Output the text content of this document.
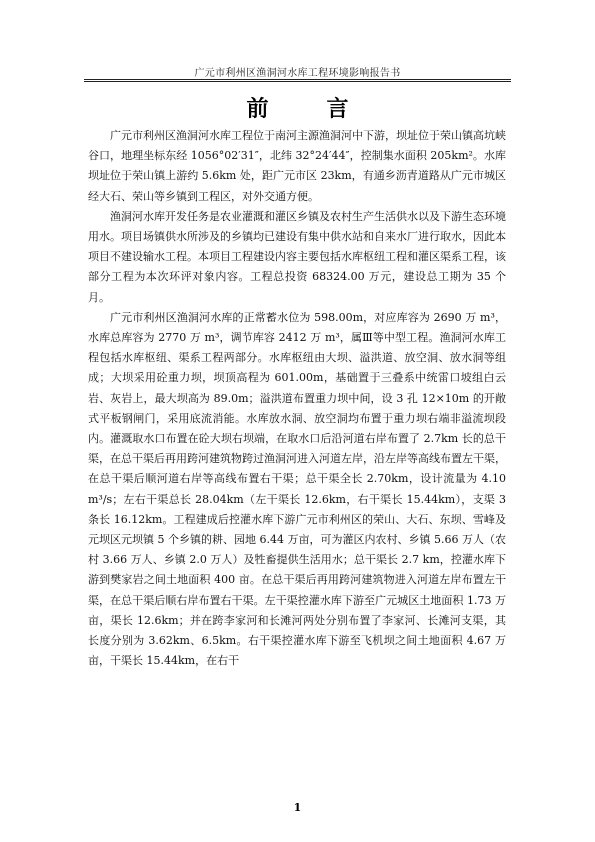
广元市利州区渔洞河水库工程环境影响报告书
前　言

广元市利州区渔洞河水库工程位于南河主源渔洞河中下游，坝址位于荣山镇高坑峡谷口，地理坐标东经 1056°02′31″，北纬 32°24′44″，控制集水面积 205km²。水库坝址位于荣山镇上游约 5.6km 处，距广元市区 23km，有通乡沥青道路从广元市城区经大石、荣山等乡镇到工程区，对外交通方便。

渔洞河水库开发任务是农业灌溉和灌区乡镇及农村生产生活供水以及下游生态环境用水。项目场镇供水所涉及的乡镇均已建设有集中供水站和自来水厂进行取水，因此本项目不建设输水工程。本项目工程建设内容主要包括水库枢纽工程和灌区渠系工程，该部分工程为本次环评对象内容。工程总投资 68324.00 万元，建设总工期为 35 个月。

广元市利州区渔洞河水库的正常蓄水位为 598.00m，对应库容为 2690 万 m³，水库总库容为 2770 万 m³，调节库容 2412 万 m³，属Ⅲ等中型工程。渔洞河水库工程包括水库枢纽、渠系工程两部分。水库枢纽由大坝、溢洪道、放空洞、放水洞等组成；大坝采用砼重力坝，坝顶高程为 601.00m，基础置于三叠系中统雷口坡组白云岩、灰岩上，最大坝高为 89.0m；溢洪道布置重力坝中间，设 3 孔 12×10m 的开敞式平板钢闸门，采用底流消能。水库放水洞、放空洞均布置于重力坝右端非溢流坝段内。灌溉取水口布置在砼大坝右坝端，在取水口后沿河道右岸布置了 2.7km 长的总干渠，在总干渠后再用跨河建筑物跨过渔洞河进入河道左岸，沿左岸等高线布置左干渠，在总干渠后顺河道右岸等高线布置右干渠；总干渠全长 2.70km，设计流量为 4.10 m³/s；左右干渠总长 28.04km（左干渠长 12.6km，右干渠长 15.44km），支渠 3 条长 16.12km。工程建成后控灌水库下游广元市利州区的荣山、大石、东坝、雪峰及元坝区元坝镇 5 个乡镇的耕、园地 6.44 万亩，可为灌区内农村、乡镇 5.66 万人（农村 3.66 万人、乡镇 2.0 万人）及牲畜提供生活用水；总干渠长 2.7 km，控灌水库下游到樊家岩之间土地面积 400 亩。在总干渠后再用跨河建筑物进入河道左岸布置左干渠，在总干渠后顺右岸布置右干渠。左干渠控灌水库下游至广元城区土地面积 1.73 万亩，渠长 12.6km；并在跨李家河和长滩河两处分别布置了李家河、长滩河支渠，其长度分别为 3.62km、6.5km。右干渠控灌水库下游至飞机坝之间土地面积 4.67 万亩，干渠长 15.44km，在右干

1
